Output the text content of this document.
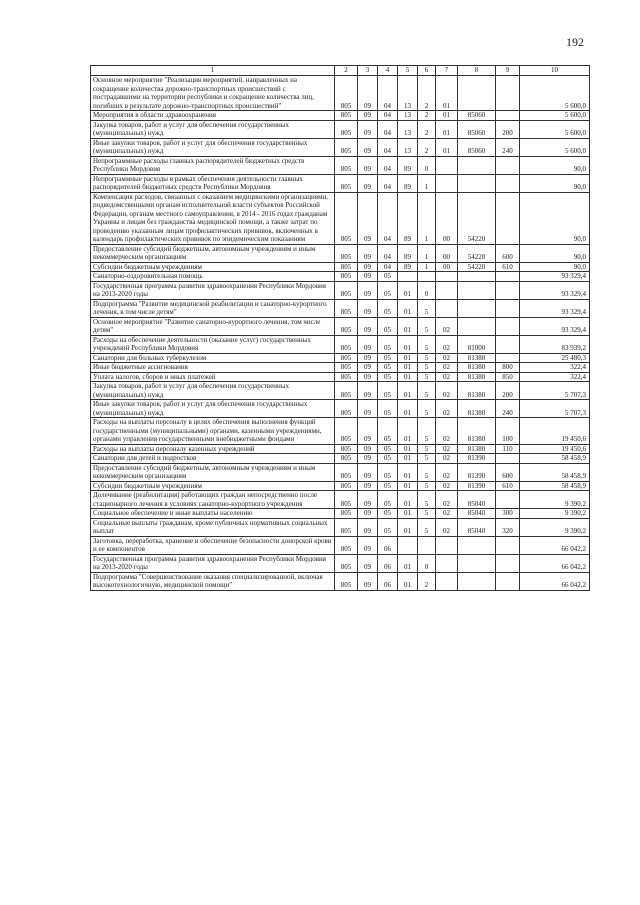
192
1	2	3	4	5	6	7	8	9	10
Основное мероприятие "Реализация мероприятий, направленных на сокращение количества дорожно-транспортных происшествий с пострадавшими на территории республики и сокращение количества лиц, погибших в результате дорожно-транспортных происшествий"	805	09	04	13	2	01			5 600,0
Мероприятия в области здравоохранения	805	09	04	13	2	01	85060		5 600,0
Закупка товаров, работ и услуг для обеспечения государственных (муниципальных) нужд	805	09	04	13	2	01	85060	200	5 600,0
Иные закупки товаров, работ и услуг для обеспечения государственных (муниципальных) нужд	805	09	04	13	2	01	85060	240	5 600,0
Непрограммные расходы главных распорядителей бюджетных средств Республики Мордовия	805	09	04	89	0				90,0
Непрограммные расходы в рамках обеспечения деятельности главных распорядителей бюджетных средств Республики Мордовия	805	09	04	89	1				90,0
Компенсация расходов, связанных с оказанием медицинскими организациями, подведомственными органам исполнительной власти субъектов Российской Федерации, органам местного самоуправления, в 2014 - 2016 годах гражданам Украины и лицам без гражданства медицинской помощи, а также затрат по проведению указанным лицам профилактических прививок, включенных в календарь профилактических прививок по эпидемическим показаниям	805	09	04	89	1	00	54220		90,0
Предоставление субсидий бюджетным, автономным учреждениям и иным некоммерческим организациям	805	09	04	89	1	00	54220	600	90,0
Субсидии бюджетным учреждениям	805	09	04	89	1	00	54220	610	90,0
Санаторно-оздоровительная помощь	805	09	05						93 329,4
Государственная программа развития здравоохранения Республики Мордовия на 2013-2020 годы	805	09	05	01	0				93 329,4
Подпрограмма "Развитие медицинской реабилитации и санаторно-курортного лечения, в том числе детям"	805	09	05	01	5				93 329,4
Основное мероприятие "Развитие санаторно-курортного лечения, том числе детям"	805	09	05	01	5	02			93 329,4
Расходы на обеспечение деятельности (оказание услуг) государственных учреждений Республики Мордовия	805	09	05	01	5	02	81000		83 939,2
Санатории для больных туберкулезом	805	09	05	01	5	02	81380		25 480,3
Иные бюджетные ассигнования	805	09	05	01	5	02	81380	800	322,4
Уплата налогов, сборов и иных платежей	805	09	05	01	5	02	81380	850	322,4
Закупка товаров, работ и услуг для обеспечения государственных (муниципальных) нужд	805	09	05	01	5	02	81380	200	5 707,3
Иные закупки товаров, работ и услуг для обеспечения государственных (муниципальных) нужд	805	09	05	01	5	02	81380	240	5 707,3
Расходы на выплаты персоналу в целях обеспечения выполнения функций государственными (муниципальными) органами, казенными учреждениями, органами управления государственными внебюджетными фондами	805	09	05	01	5	02	81380	100	19 450,6
Расходы на выплаты персоналу казенных учреждений	805	09	05	01	5	02	81380	110	19 450,6
Санатории для детей и подростков	805	09	05	01	5	02	81390		58 458,9
Предоставление субсидий бюджетным, автономным учреждениям и иным некоммерческим организациям	805	09	05	01	5	02	81390	600	58 458,9
Субсидии бюджетным учреждениям	805	09	05	01	5	02	81390	610	58 458,9
Долечивание (реабилитация) работающих граждан непосредственно после стационарного лечения в условиях санаторно-курортного учреждения	805	09	05	01	5	02	85040		9 390,2
Социальное обеспечение и иные выплаты населению	805	09	05	01	5	02	85040	300	9 390,2
Социальные выплаты гражданам, кроме публичных нормативных социальных выплат	805	09	05	01	5	02	85040	320	9 390,2
Заготовка, переработка, хранение и обеспечение безопасности донорской крови и ее компонентов	805	09	06						66 042,2
Государственная программа развития здравоохранения Республики Мордовия на 2013-2020 годы	805	09	06	01	0				66 042,2
Подпрограмма "Совершенствование оказания специализированной, включая высокотехнологичную, медицинской помощи"	805	09	06	01	2				66 042,2
